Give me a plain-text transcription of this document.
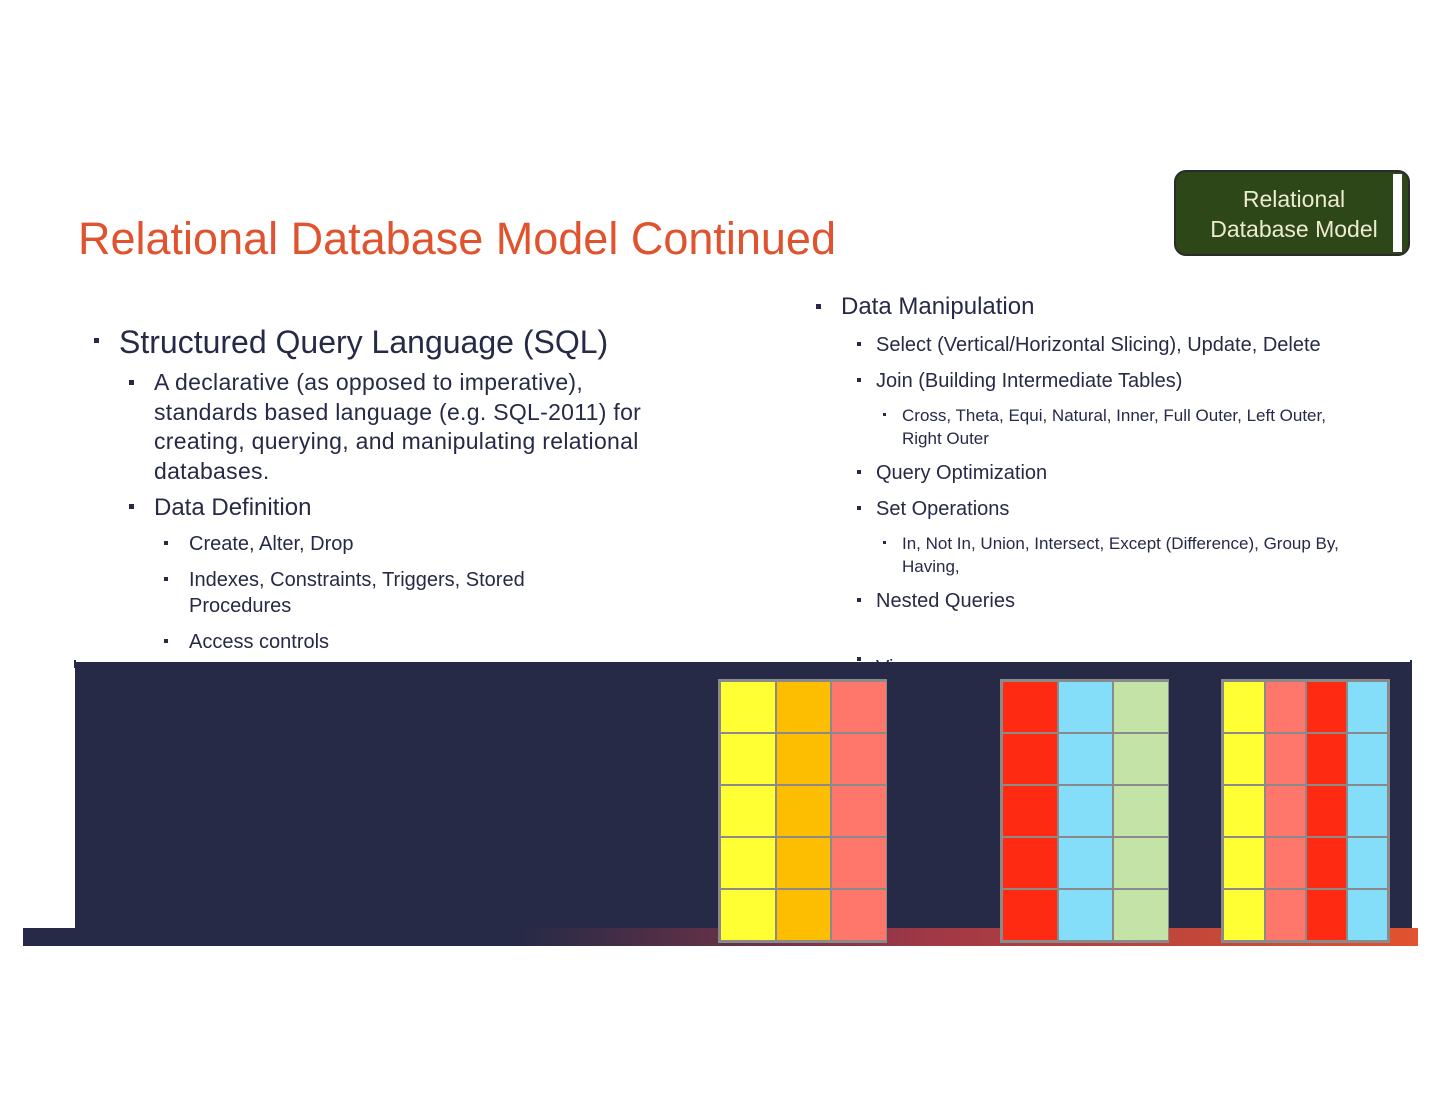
Relational Database Model Continued
Relational
Database Model
Structured Query Language (SQL)
A declarative (as opposed to imperative), standards based language (e.g. SQL-2011) for creating, querying, and manipulating relational databases.
Data Definition
Create, Alter, Drop
Indexes, Constraints, Triggers, Stored Procedures
Access controls
Data Manipulation
Select (Vertical/Horizontal Slicing), Update, Delete
Join (Building Intermediate Tables)
Cross, Theta, Equi, Natural, Inner, Full Outer, Left Outer, Right Outer
Query Optimization
Set Operations
In, Not In, Union, Intersect, Except (Difference), Group By, Having,
Nested Queries
